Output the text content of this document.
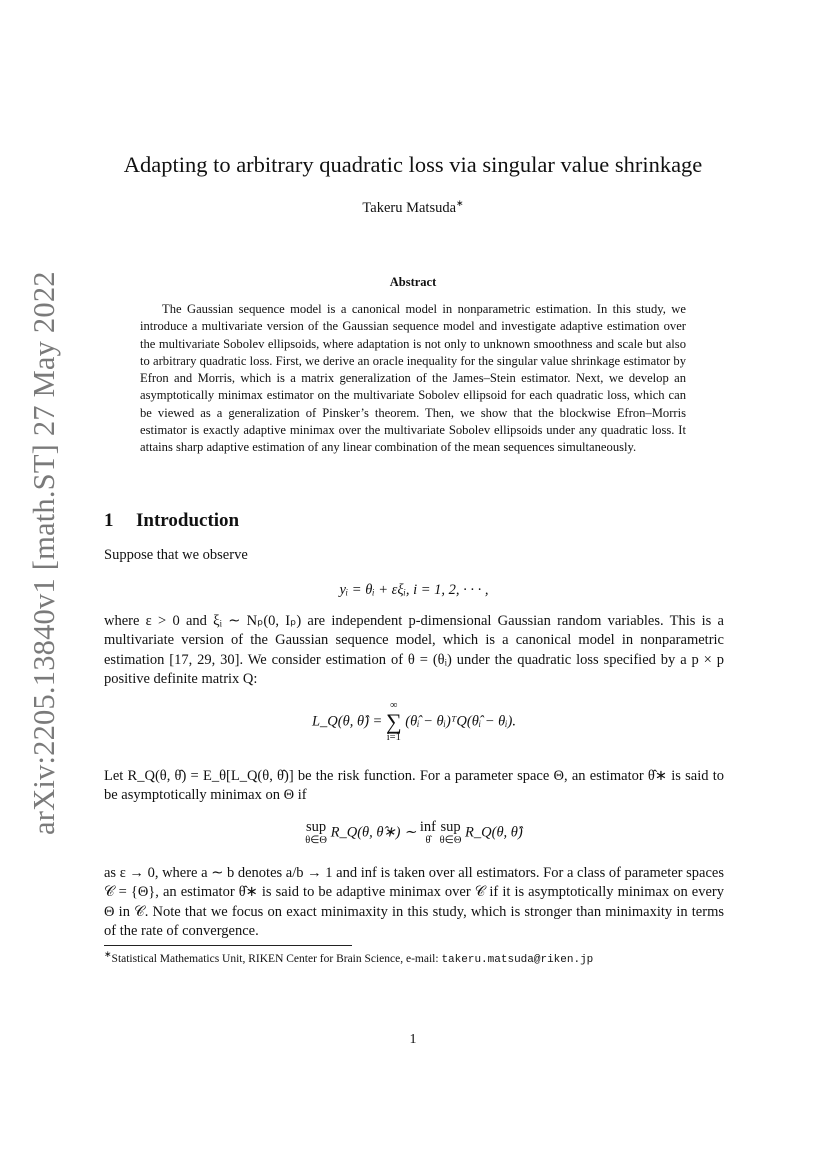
arXiv:2205.13840v1 [math.ST] 27 May 2022
Adapting to arbitrary quadratic loss via singular value shrinkage
Takeru Matsuda∗
Abstract
The Gaussian sequence model is a canonical model in nonparametric estimation. In this study, we introduce a multivariate version of the Gaussian sequence model and investigate adaptive estimation over the multivariate Sobolev ellipsoids, where adaptation is not only to unknown smoothness and scale but also to arbitrary quadratic loss. First, we derive an oracle inequality for the singular value shrinkage estimator by Efron and Morris, which is a matrix generalization of the James–Stein estimator. Next, we develop an asymptotically minimax estimator on the multivariate Sobolev ellipsoid for each quadratic loss, which can be viewed as a generalization of Pinsker’s theorem. Then, we show that the blockwise Efron–Morris estimator is exactly adaptive minimax over the multivariate Sobolev ellipsoids under any quadratic loss. It attains sharp adaptive estimation of any linear combination of the mean sequences simultaneously.
1 Introduction
Suppose that we observe
yᵢ = θᵢ + εξᵢ, i = 1, 2, · · · ,
where ε > 0 and ξᵢ ∼ Nₚ(0, Iₚ) are independent p-dimensional Gaussian random variables. This is a multivariate version of the Gaussian sequence model, which is a canonical model in nonparametric estimation [17, 29, 30]. We consider estimation of θ = (θᵢ) under the quadratic loss specified by a p × p positive definite matrix Q:
L_Q(θ, θ̂) =
∞
∑
i=1
(θ̂ᵢ − θᵢ)ᵀQ(θ̂ᵢ − θᵢ).
Let R_Q(θ, θ̂) = E_θ[L_Q(θ, θ̂)] be the risk function. For a parameter space Θ, an estimator θ̂∗ is said to be asymptotically minimax on Θ if
sup
θ∈Θ R_Q(θ, θ̂∗) ∼ inf
θ̂

sup
θ∈Θ R_Q(θ, θ̂)
as ε → 0, where a ∼ b denotes a/b → 1 and inf is taken over all estimators. For a class of parameter spaces 𝒞 = {Θ}, an estimator θ̂∗ is said to be adaptive minimax over 𝒞 if it is asymptotically minimax on every Θ in 𝒞. Note that we focus on exact minimaxity in this study, which is stronger than minimaxity in terms of the rate of convergence.
∗Statistical Mathematics Unit, RIKEN Center for Brain Science, e-mail: takeru.matsuda@riken.jp
1
